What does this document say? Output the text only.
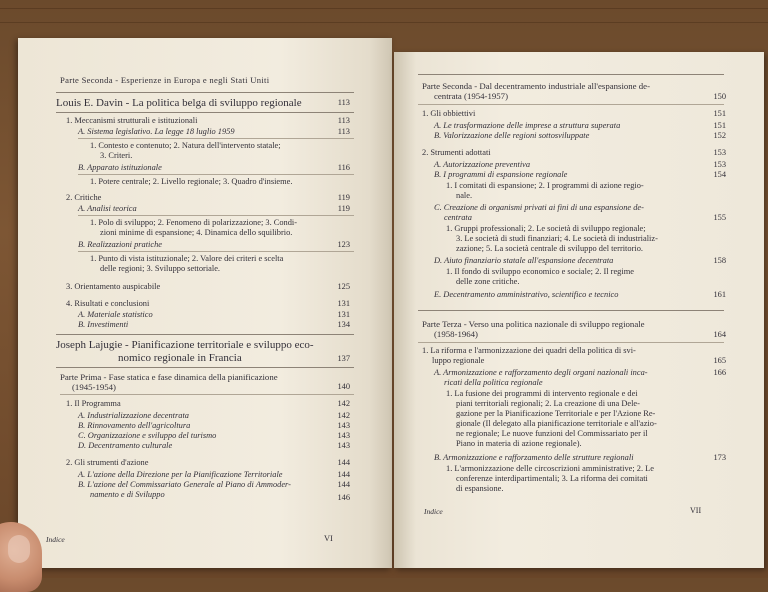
Parte Seconda - Esperienze in Europa e negli Stati Uniti
Louis E. Davin - La politica belga di sviluppo regionale	113
1. Meccanismi strutturali e istituzionali	113
A. Sistema legislativo. La legge 18 luglio 1959	113
1. Contesto e contenuto; 2. Natura dell'intervento statale;
3. Criteri.
B. Apparato istituzionale	116
1. Potere centrale; 2. Livello regionale; 3. Quadro d'insieme.
2. Critiche	119
A. Analisi teorica	119
1. Polo di sviluppo; 2. Fenomeno di polarizzazione; 3. Condi-
zioni minime di espansione; 4. Dinamica dello squilibrio.
B. Realizzazioni pratiche	123
1. Punto di vista istituzionale; 2. Valore dei criteri e scelta
delle regioni; 3. Sviluppo settoriale.
3. Orientamento auspicabile	125
4. Risultati e conclusioni	131
A. Materiale statistico	131
B. Investimenti	134
Joseph Lajugie - Pianificazione territoriale e sviluppo eco-
nomico regionale in Francia	137
Parte Prima - Fase statica e fase dinamica della pianificazione
(1945-1954)	140
1. Il Programma	142
A. Industrializzazione decentrata	142
B. Rinnovamento dell'agricoltura	143
C. Organizzazione e sviluppo del turismo	143
D. Decentramento culturale	143
2. Gli strumenti d'azione	144
A. L'azione della Direzione per la Pianificazione Territoriale	144
B. L'azione del Commissariato Generale al Piano di Ammoder-	144
namento e di Sviluppo	146
Indice	VI
Parte Seconda - Dal decentramento industriale all'espansione de-
centrata (1954-1957)	150
1. Gli obbiettivi	151
A. Le trasformazione delle imprese a struttura superata	151
B. Valorizzazione delle regioni sottosviluppate	152
2. Strumenti adottati	153
A. Autorizzazione preventiva	153
B. I programmi di espansione regionale	154
1. I comitati di espansione; 2. I programmi di azione regio-
nale.
C. Creazione di organismi privati ai fini di una espansione de-
centrata	155
1. Gruppi professionali; 2. Le società di sviluppo regionale;
3. Le società di studi finanziari; 4. Le società di industrializ-
zazione; 5. La società centrale di sviluppo del territorio.
D. Aiuto finanziario statale all'espansione decentrata	158
1. Il fondo di sviluppo economico e sociale; 2. Il regime
delle zone critiche.
E. Decentramento amministrativo, scientifico e tecnico	161
Parte Terza - Verso una politica nazionale di sviluppo regionale
(1958-1964)	164
1. La riforma e l'armonizzazione dei quadri della politica di svi-
luppo regionale	165
A. Armonizzazione e rafforzamento degli organi nazionali inca-	166
ricati della politica regionale
1. La fusione dei programmi di intervento regionale e dei
piani territoriali regionali; 2. La creazione di una Dele-
gazione per la Pianificazione Territoriale e per l'Azione Re-
gionale (Il delegato alla pianificazione territoriale e all'azio-
ne regionale; Le nuove funzioni del Commissariato per il
Piano in materia di azione regionale).
B. Armonizzazione e rafforzamento delle strutture regionali	173
1. L'armonizzazione delle circoscrizioni amministrative; 2. Le
conferenze interdipartimentali; 3. La riforma dei comitati
di espansione.
Indice	VII
